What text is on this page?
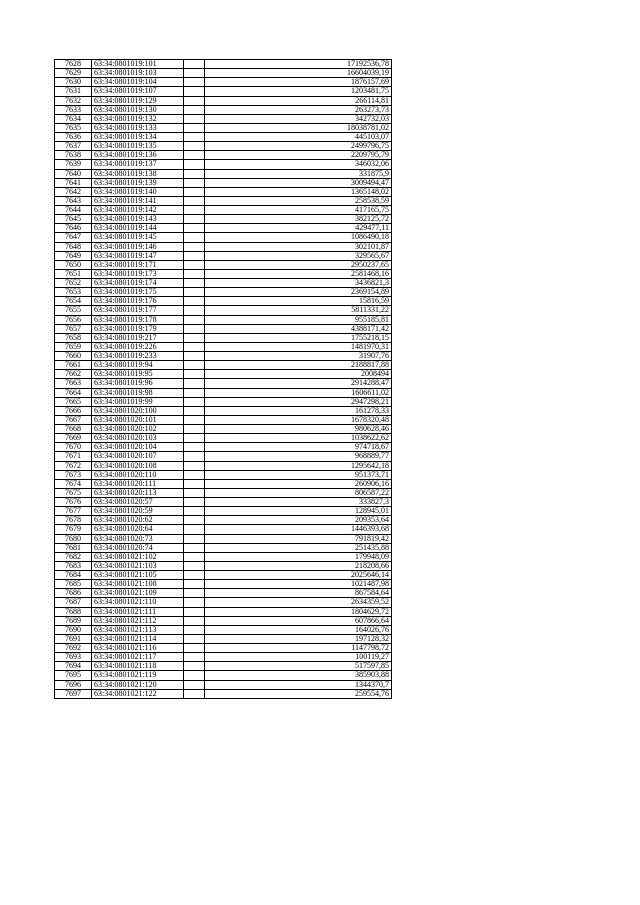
7628	63:34:0801019:101		17192536,78
7629	63:34:0801019:103		16604039,19
7630	63:34:0801019:104		1876157,69
7631	63:34:0801019:107		1203481,75
7632	63:34:0801019:129		266114,81
7633	63:34:0801019:130		263273,73
7634	63:34:0801019:132		342732,03
7635	63:34:0801019:133		18038781,02
7636	63:34:0801019:134		445103,07
7637	63:34:0801019:135		2499796,75
7638	63:34:0801019:136		2209795,79
7639	63:34:0801019:137		346032,06
7640	63:34:0801019:138		331875,9
7641	63:34:0801019:139		3009494,47
7642	63:34:0801019:140		1365148,02
7643	63:34:0801019:141		258538,59
7644	63:34:0801019:142		417165,75
7645	63:34:0801019:143		382125,72
7646	63:34:0801019:144		429477,11
7647	63:34:0801019:145		1086490,18
7648	63:34:0801019:146		302101,87
7649	63:34:0801019:147		329565,67
7650	63:34:0801019:171		2950237,65
7651	63:34:0801019:173		2581468,16
7652	63:34:0801019:174		3436821,3
7653	63:34:0801019:175		2369154,89
7654	63:34:0801019:176		15816,59
7655	63:34:0801019:177		5811331,22
7656	63:34:0801019:178		955185,81
7657	63:34:0801019:179		4388171,42
7658	63:34:0801019:217		1755218,15
7659	63:34:0801019:226		1481970,31
7660	63:34:0801019:233		31907,76
7661	63:34:0801019:94		2188817,88
7662	63:34:0801019:95		2008494
7663	63:34:0801019:96		2914288,47
7664	63:34:0801019:98		1606611,02
7665	63:34:0801019:99		2947298,21
7666	63:34:0801020:100		161278,33
7667	63:34:0801020:101		1678320,48
7668	63:34:0801020:102		980628,46
7669	63:34:0801020:103		1038622,62
7670	63:34:0801020:104		974718,67
7671	63:34:0801020:107		968889,77
7672	63:34:0801020:108		1295642,18
7673	63:34:0801020:110		951373,71
7674	63:34:0801020:111		260906,16
7675	63:34:0801020:113		806587,22
7676	63:34:0801020:57		333827,3
7677	63:34:0801020:59		128945,01
7678	63:34:0801020:62		209353,64
7679	63:34:0801020:64		1446393,68
7680	63:34:0801020:73		791819,42
7681	63:34:0801020:74		251435,88
7682	63:34:0801021:102		179948,09
7683	63:34:0801021:103		218208,66
7684	63:34:0801021:105		2025646,14
7685	63:34:0801021:108		1021487,98
7686	63:34:0801021:109		867584,64
7687	63:34:0801021:110		2634359,52
7688	63:34:0801021:111		1804629,72
7689	63:34:0801021:112		607866,64
7690	63:34:0801021:113		164026,76
7691	63:34:0801021:114		197128,32
7692	63:34:0801021:116		1147798,72
7693	63:34:0801021:117		100119,27
7694	63:34:0801021:118		517597,85
7695	63:34:0801021:119		385903,88
7696	63:34:0801021:120		1344370,7
7697	63:34:0801021:122		259554,76
